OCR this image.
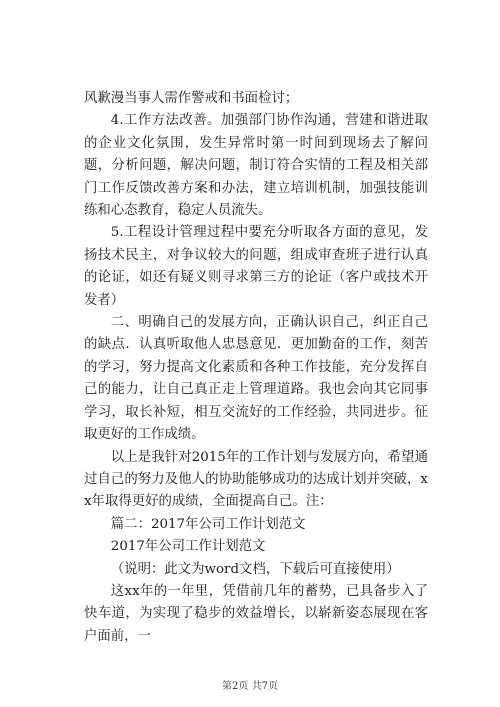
风歉漫当事人需作警戒和书面检讨；

4.工作方法改善。加强部门协作沟通，营建和谐进取的企业文化氛围，发生异常时第一时间到现场去了解问题，分析问题，解决问题，制订符合实情的工程及相关部门工作反馈改善方案和办法，建立培训机制，加强技能训练和心态教育，稳定人员流失。

5.工程设计管理过程中要充分听取各方面的意见，发扬技术民主，对争议较大的问题，组成审查班子进行认真的论证，如还有疑义则寻求第三方的论证（客户或技术开发者）

二、明确自己的发展方向，正确认识自己，纠正自己的缺点．认真听取他人忠恳意见．更加勤奋的工作，刻苦的学习，努力提高文化素质和各种工作技能，充分发挥自己的能力，让自己真正走上管理道路。我也会向其它同事学习，取长补短，相互交流好的工作经验，共同进步。征取更好的工作成绩。

以上是我针对2015年的工作计划与发展方向，希望通过自己的努力及他人的协助能够成功的达成计划并突破，xx年取得更好的成绩，全面提高自己。注：

篇二：2017年公司工作计划范文

2017年公司工作计划范文

（说明：此文为word文档，下载后可直接使用）

这xx年的一年里，凭借前几年的蓄势，已具备步入了快车道，为实现了稳步的效益增长，以崭新姿态展现在客户面前，一

第2页 共7页
